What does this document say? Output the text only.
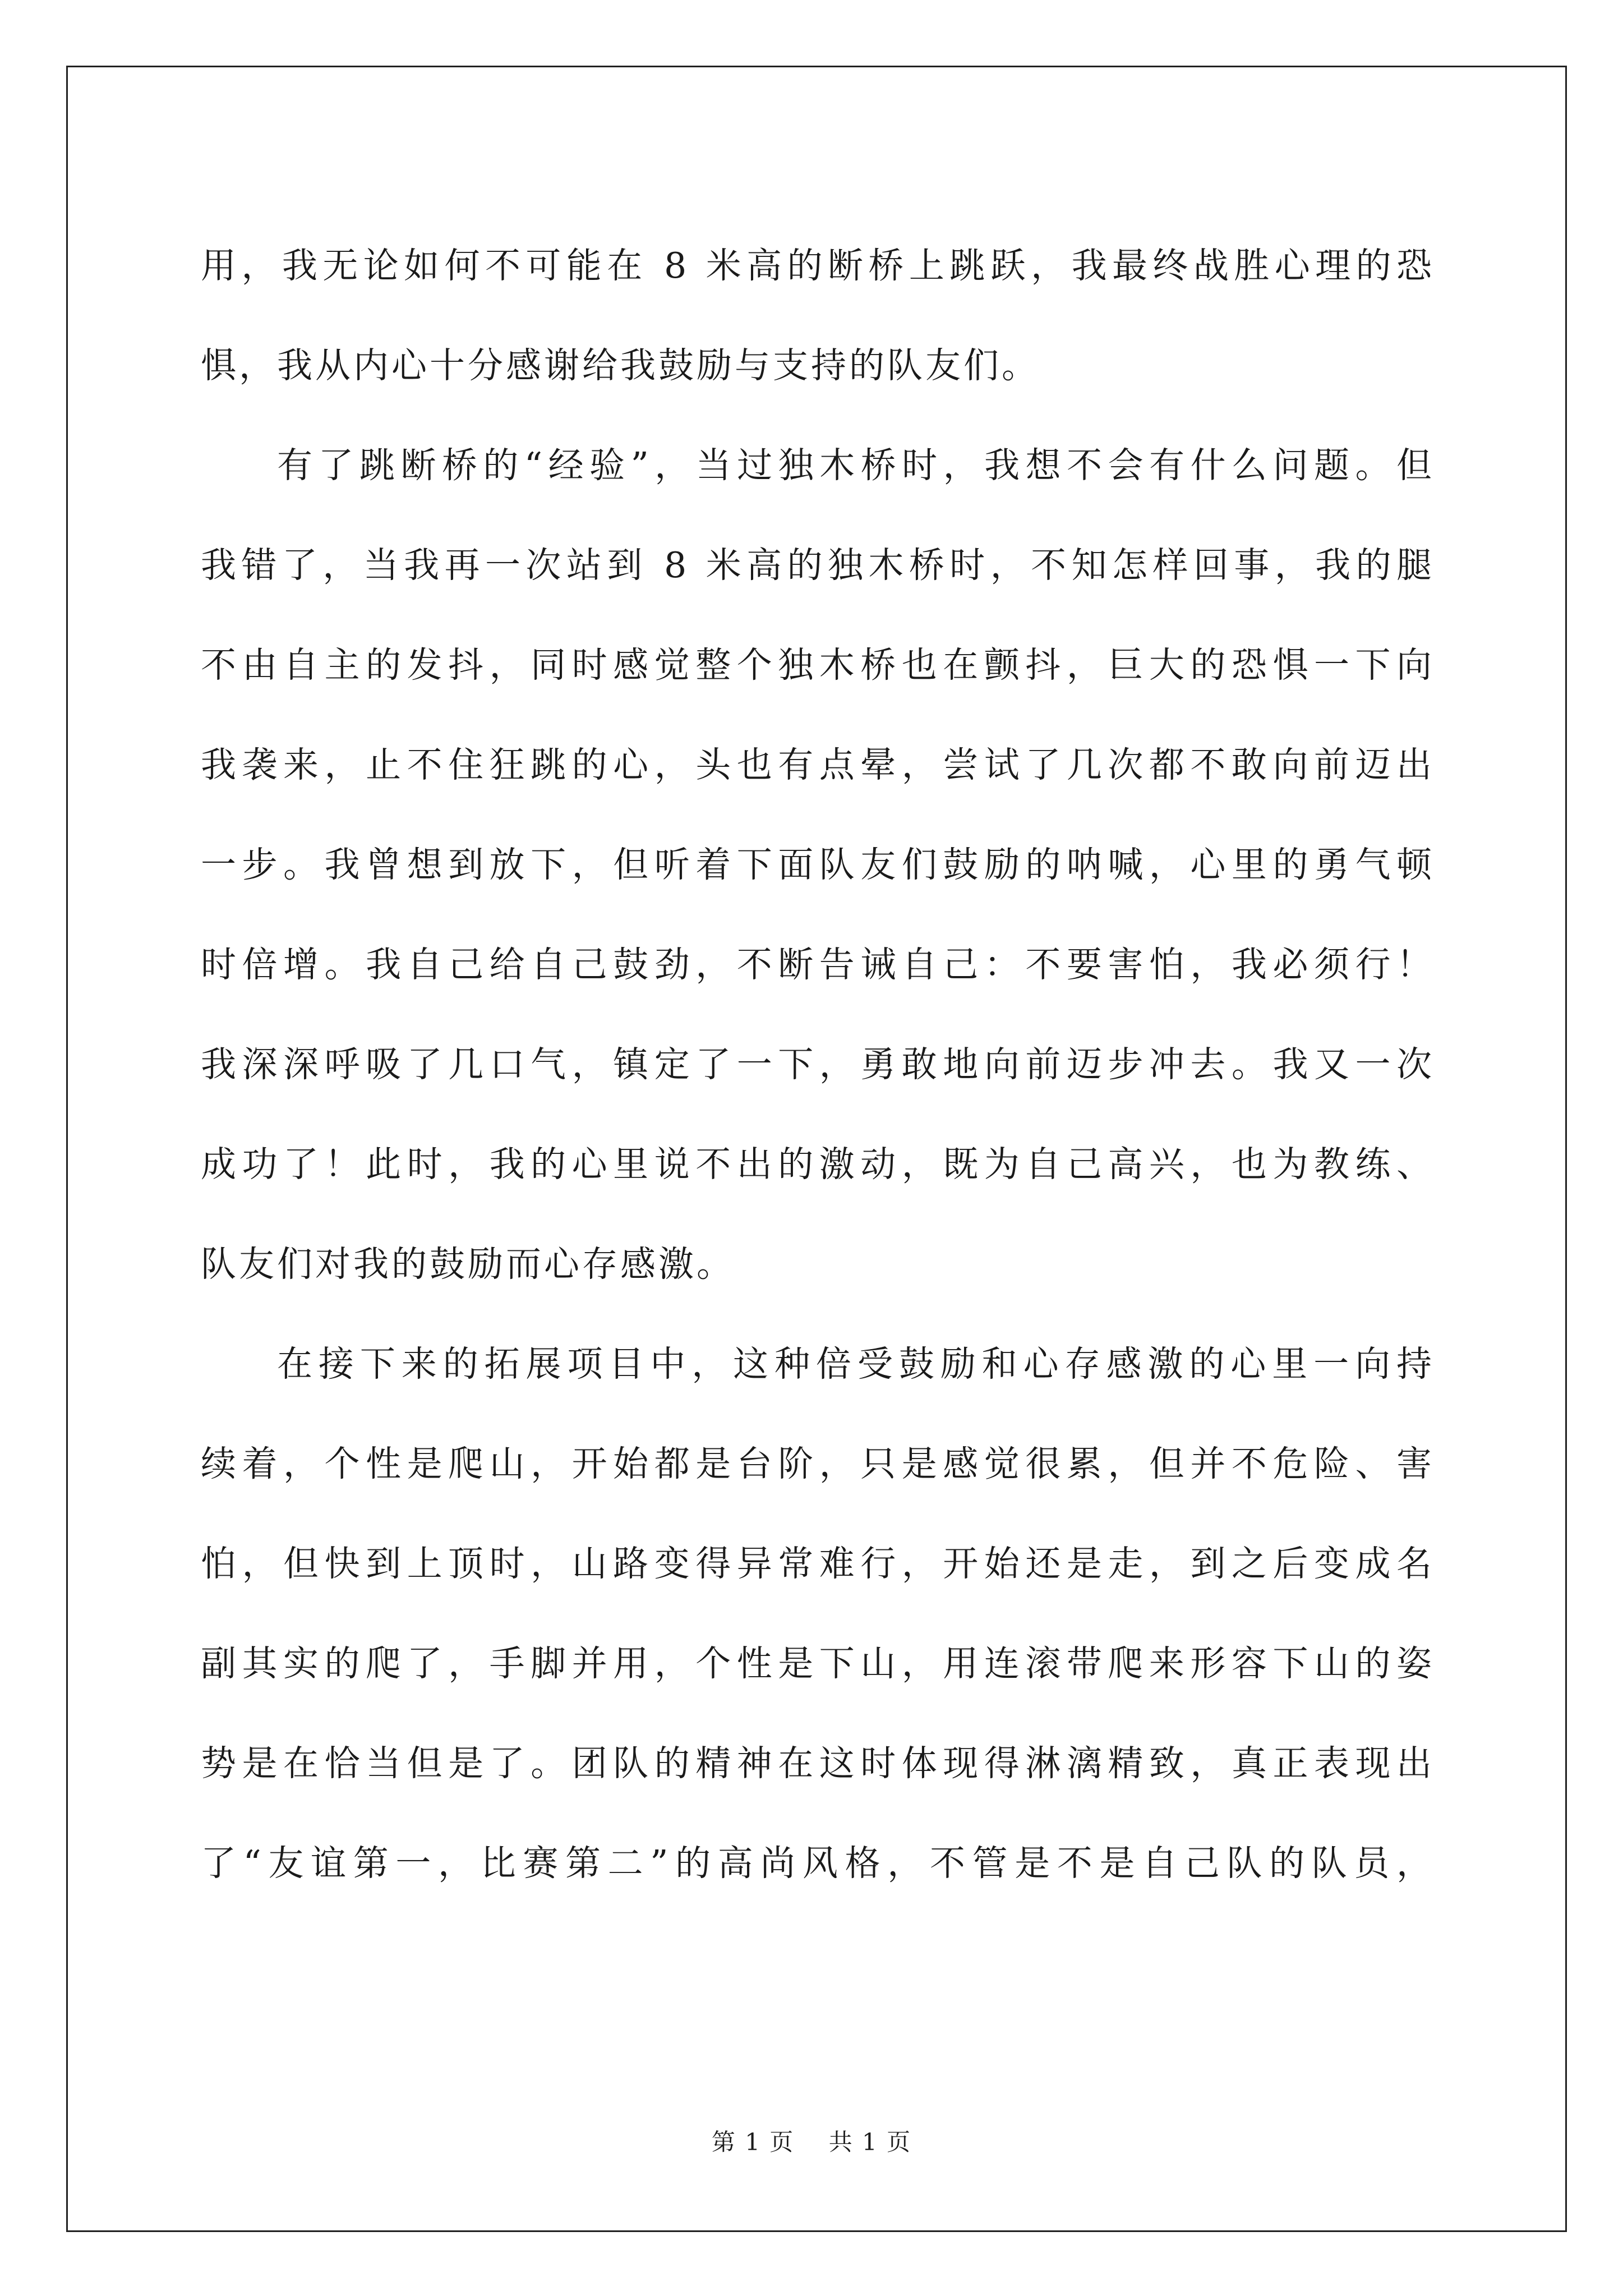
用，我无论如何不可能在 8 米高的断桥上跳跃，我最终战胜心理的恐
惧，我从内心十分感谢给我鼓励与支持的队友们。
有了跳断桥的“经验”，当过独木桥时，我想不会有什么问题。但
我错了，当我再一次站到 8 米高的独木桥时，不知怎样回事，我的腿
不由自主的发抖，同时感觉整个独木桥也在颤抖，巨大的恐惧一下向
我袭来，止不住狂跳的心，头也有点晕，尝试了几次都不敢向前迈出
一步。我曾想到放下，但听着下面队友们鼓励的呐喊，心里的勇气顿
时倍增。我自己给自己鼓劲，不断告诫自己：不要害怕，我必须行！
我深深呼吸了几口气，镇定了一下，勇敢地向前迈步冲去。我又一次
成功了！此时，我的心里说不出的激动，既为自己高兴，也为教练、
队友们对我的鼓励而心存感激。
在接下来的拓展项目中，这种倍受鼓励和心存感激的心里一向持
续着，个性是爬山，开始都是台阶，只是感觉很累，但并不危险、害
怕，但快到上顶时，山路变得异常难行，开始还是走，到之后变成名
副其实的爬了，手脚并用，个性是下山，用连滚带爬来形容下山的姿
势是在恰当但是了。团队的精神在这时体现得淋漓精致，真正表现出
了“友谊第一，比赛第二”的高尚风格，不管是不是自己队的队员，
第 1 页 共 1 页
